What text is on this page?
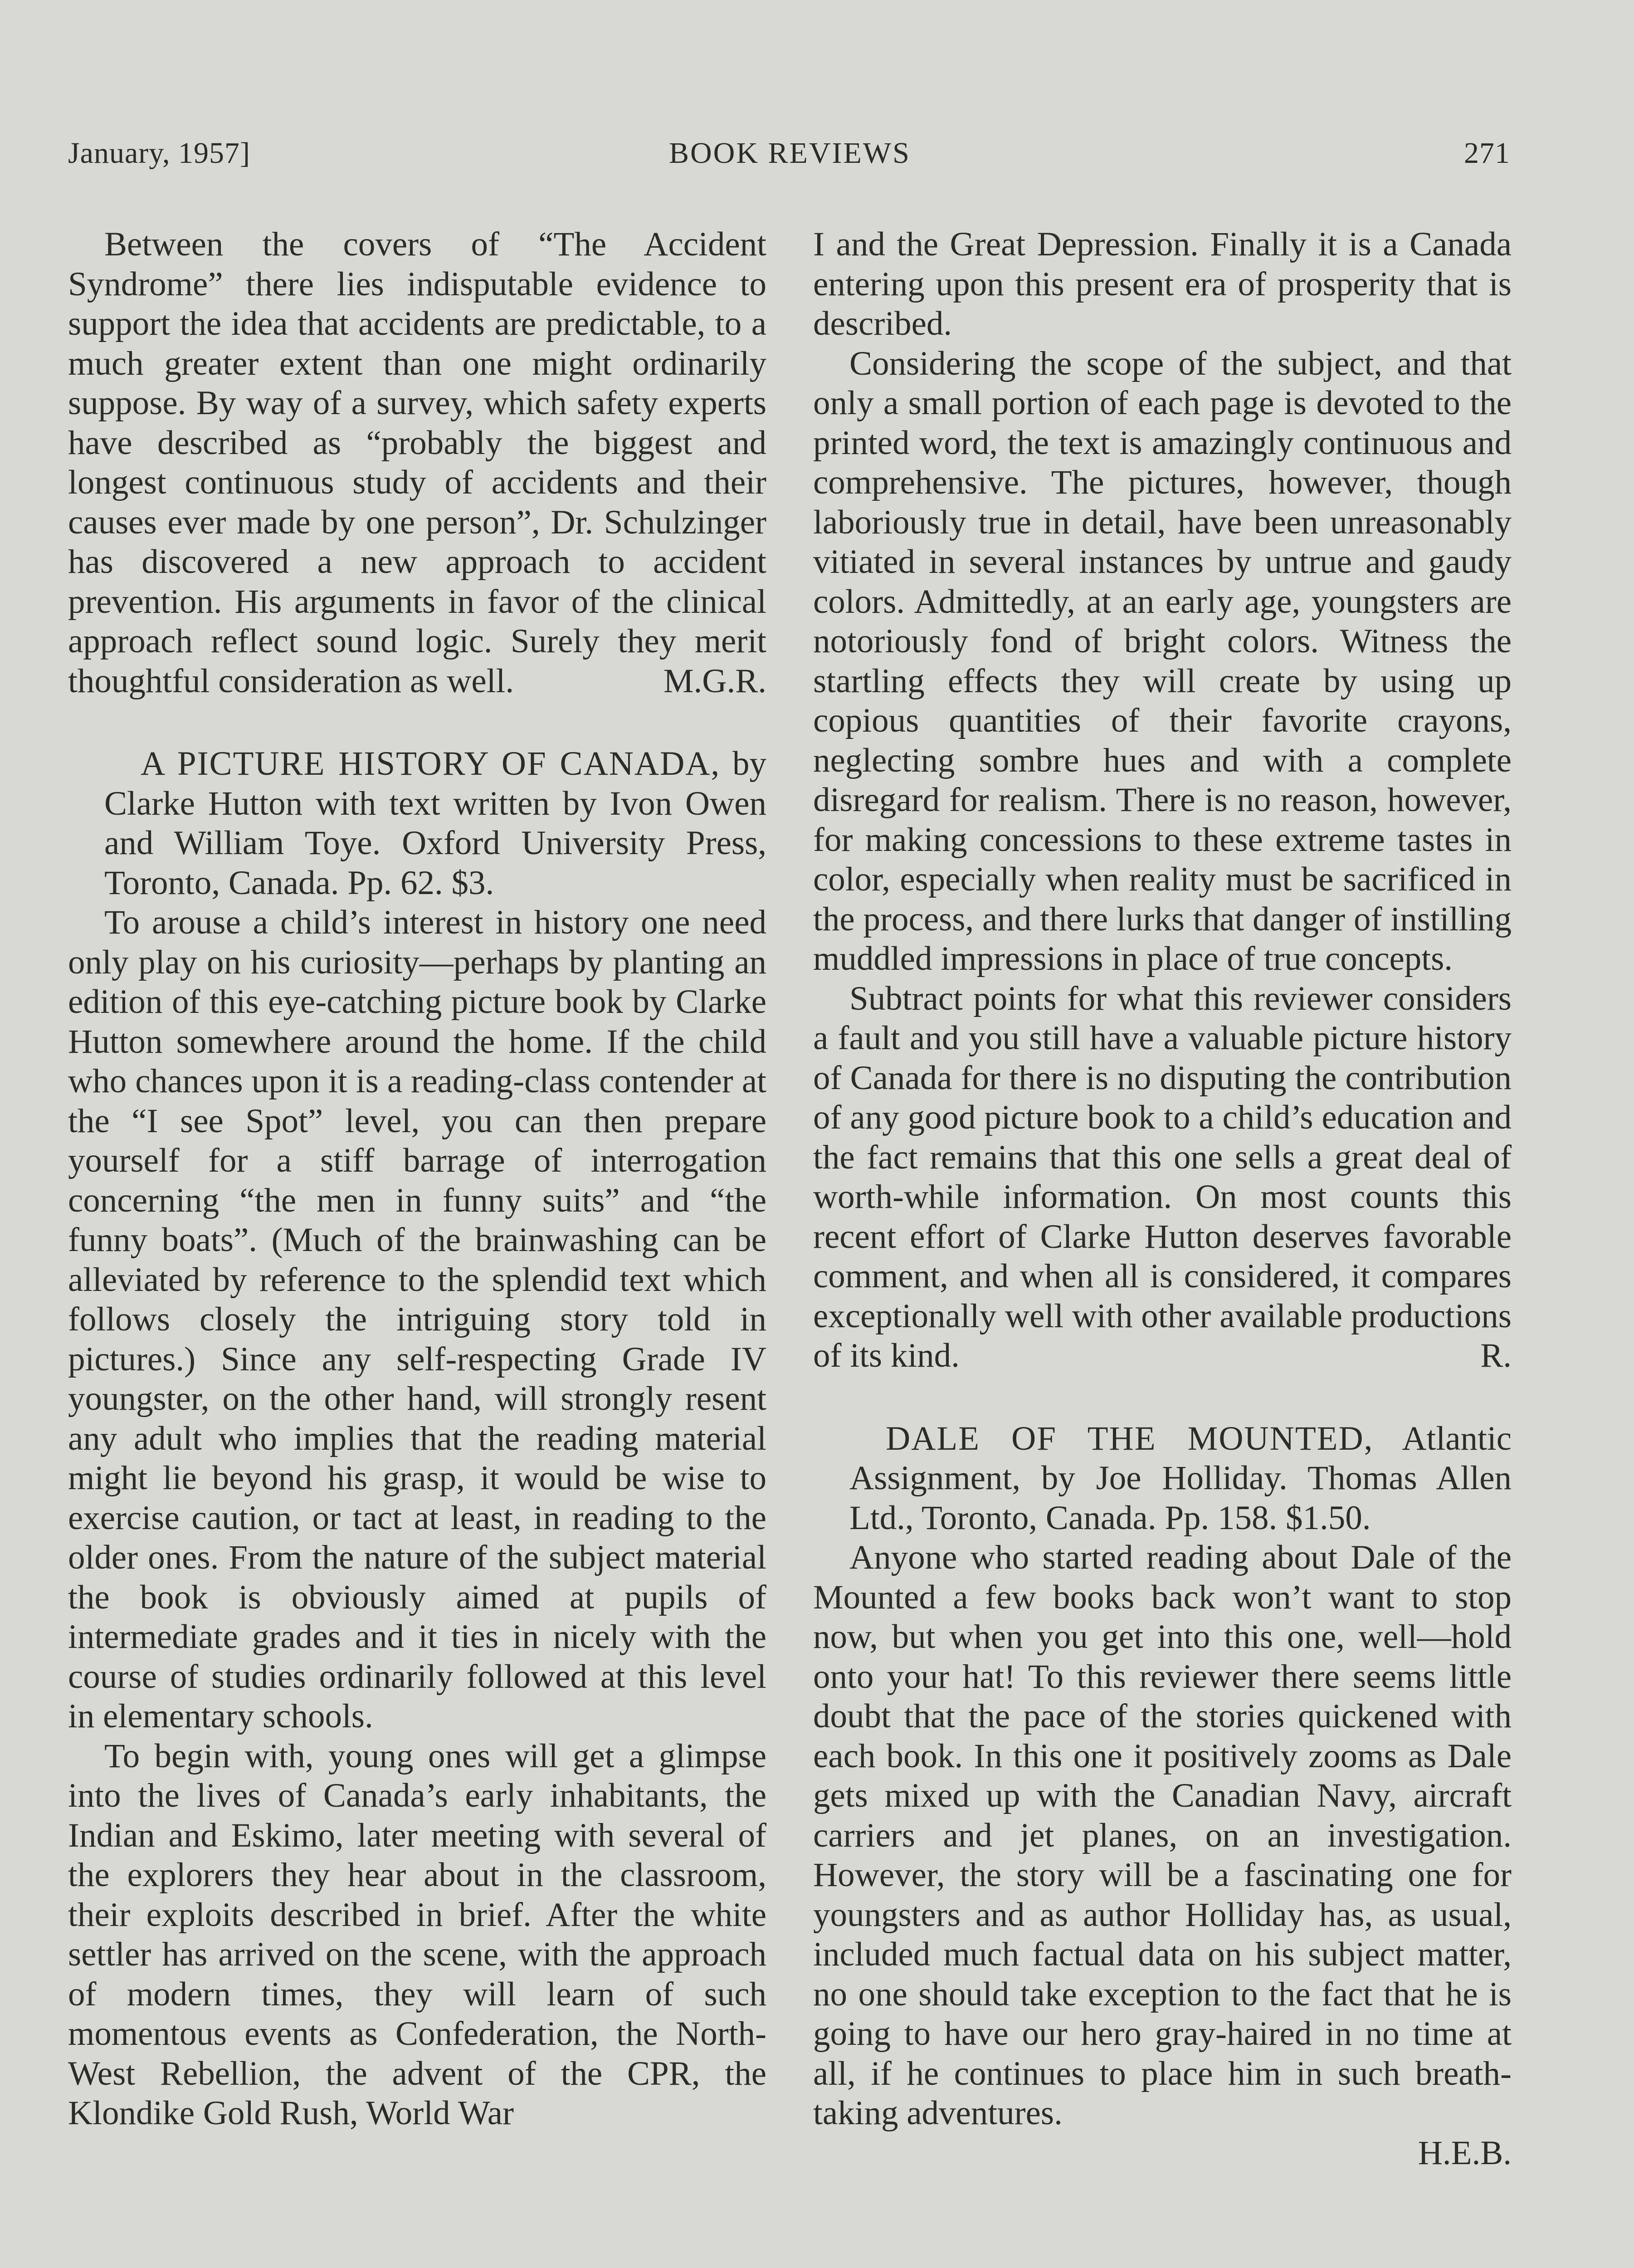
January, 1957]	BOOK REVIEWS	271

Between the covers of “The Accident Syndrome” there lies indisputable evidence to support the idea that accidents are predictable, to a much greater extent than one might ordinarily suppose. By way of a survey, which safety experts have described as “probably the biggest and longest continuous study of accidents and their causes ever made by one person”, Dr. Schulzinger has discovered a new approach to accident prevention. His arguments in favor of the clinical approach reflect sound logic. Surely they merit thoughtful consideration as well.	M.G.R.

A PICTURE HISTORY OF CANADA, by Clarke Hutton with text written by Ivon Owen and William Toye. Oxford University Press, Toronto, Canada. Pp. 62. $3.

To arouse a child’s interest in history one need only play on his curiosity—perhaps by planting an edition of this eye-catching picture book by Clarke Hutton somewhere around the home. If the child who chances upon it is a reading-class contender at the “I see Spot” level, you can then prepare yourself for a stiff barrage of interrogation concerning “the men in funny suits” and “the funny boats”. (Much of the brainwashing can be alleviated by reference to the splendid text which follows closely the intriguing story told in pictures.) Since any self-respecting Grade IV youngster, on the other hand, will strongly resent any adult who implies that the reading material might lie beyond his grasp, it would be wise to exercise caution, or tact at least, in reading to the older ones. From the nature of the subject material the book is obviously aimed at pupils of intermediate grades and it ties in nicely with the course of studies ordinarily followed at this level in elementary schools.

To begin with, young ones will get a glimpse into the lives of Canada’s early inhabitants, the Indian and Eskimo, later meeting with several of the explorers they hear about in the classroom, their exploits described in brief. After the white settler has arrived on the scene, with the approach of modern times, they will learn of such momentous events as Confederation, the North-West Rebellion, the advent of the CPR, the Klondike Gold Rush, World War

I and the Great Depression. Finally it is a Canada entering upon this present era of prosperity that is described.

Considering the scope of the subject, and that only a small portion of each page is devoted to the printed word, the text is amazingly continuous and comprehensive. The pictures, however, though laboriously true in detail, have been unreasonably vitiated in several instances by untrue and gaudy colors. Admittedly, at an early age, youngsters are notoriously fond of bright colors. Witness the startling effects they will create by using up copious quantities of their favorite crayons, neglecting sombre hues and with a complete disregard for realism. There is no reason, however, for making concessions to these extreme tastes in color, especially when reality must be sacrificed in the process, and there lurks that danger of instilling muddled impressions in place of true concepts.

Subtract points for what this reviewer considers a fault and you still have a valuable picture history of Canada for there is no disputing the contribution of any good picture book to a child’s education and the fact remains that this one sells a great deal of worth-while information. On most counts this recent effort of Clarke Hutton deserves favorable comment, and when all is considered, it compares exceptionally well with other available productions of its kind.	R.

DALE OF THE MOUNTED, Atlantic Assignment, by Joe Holliday. Thomas Allen Ltd., Toronto, Canada. Pp. 158. $1.50.

Anyone who started reading about Dale of the Mounted a few books back won’t want to stop now, but when you get into this one, well—hold onto your hat! To this reviewer there seems little doubt that the pace of the stories quickened with each book. In this one it positively zooms as Dale gets mixed up with the Canadian Navy, aircraft carriers and jet planes, on an investigation. However, the story will be a fascinating one for youngsters and as author Holliday has, as usual, included much factual data on his subject matter, no one should take exception to the fact that he is going to have our hero gray-haired in no time at all, if he continues to place him in such breath-taking adventures.

H.E.B.
